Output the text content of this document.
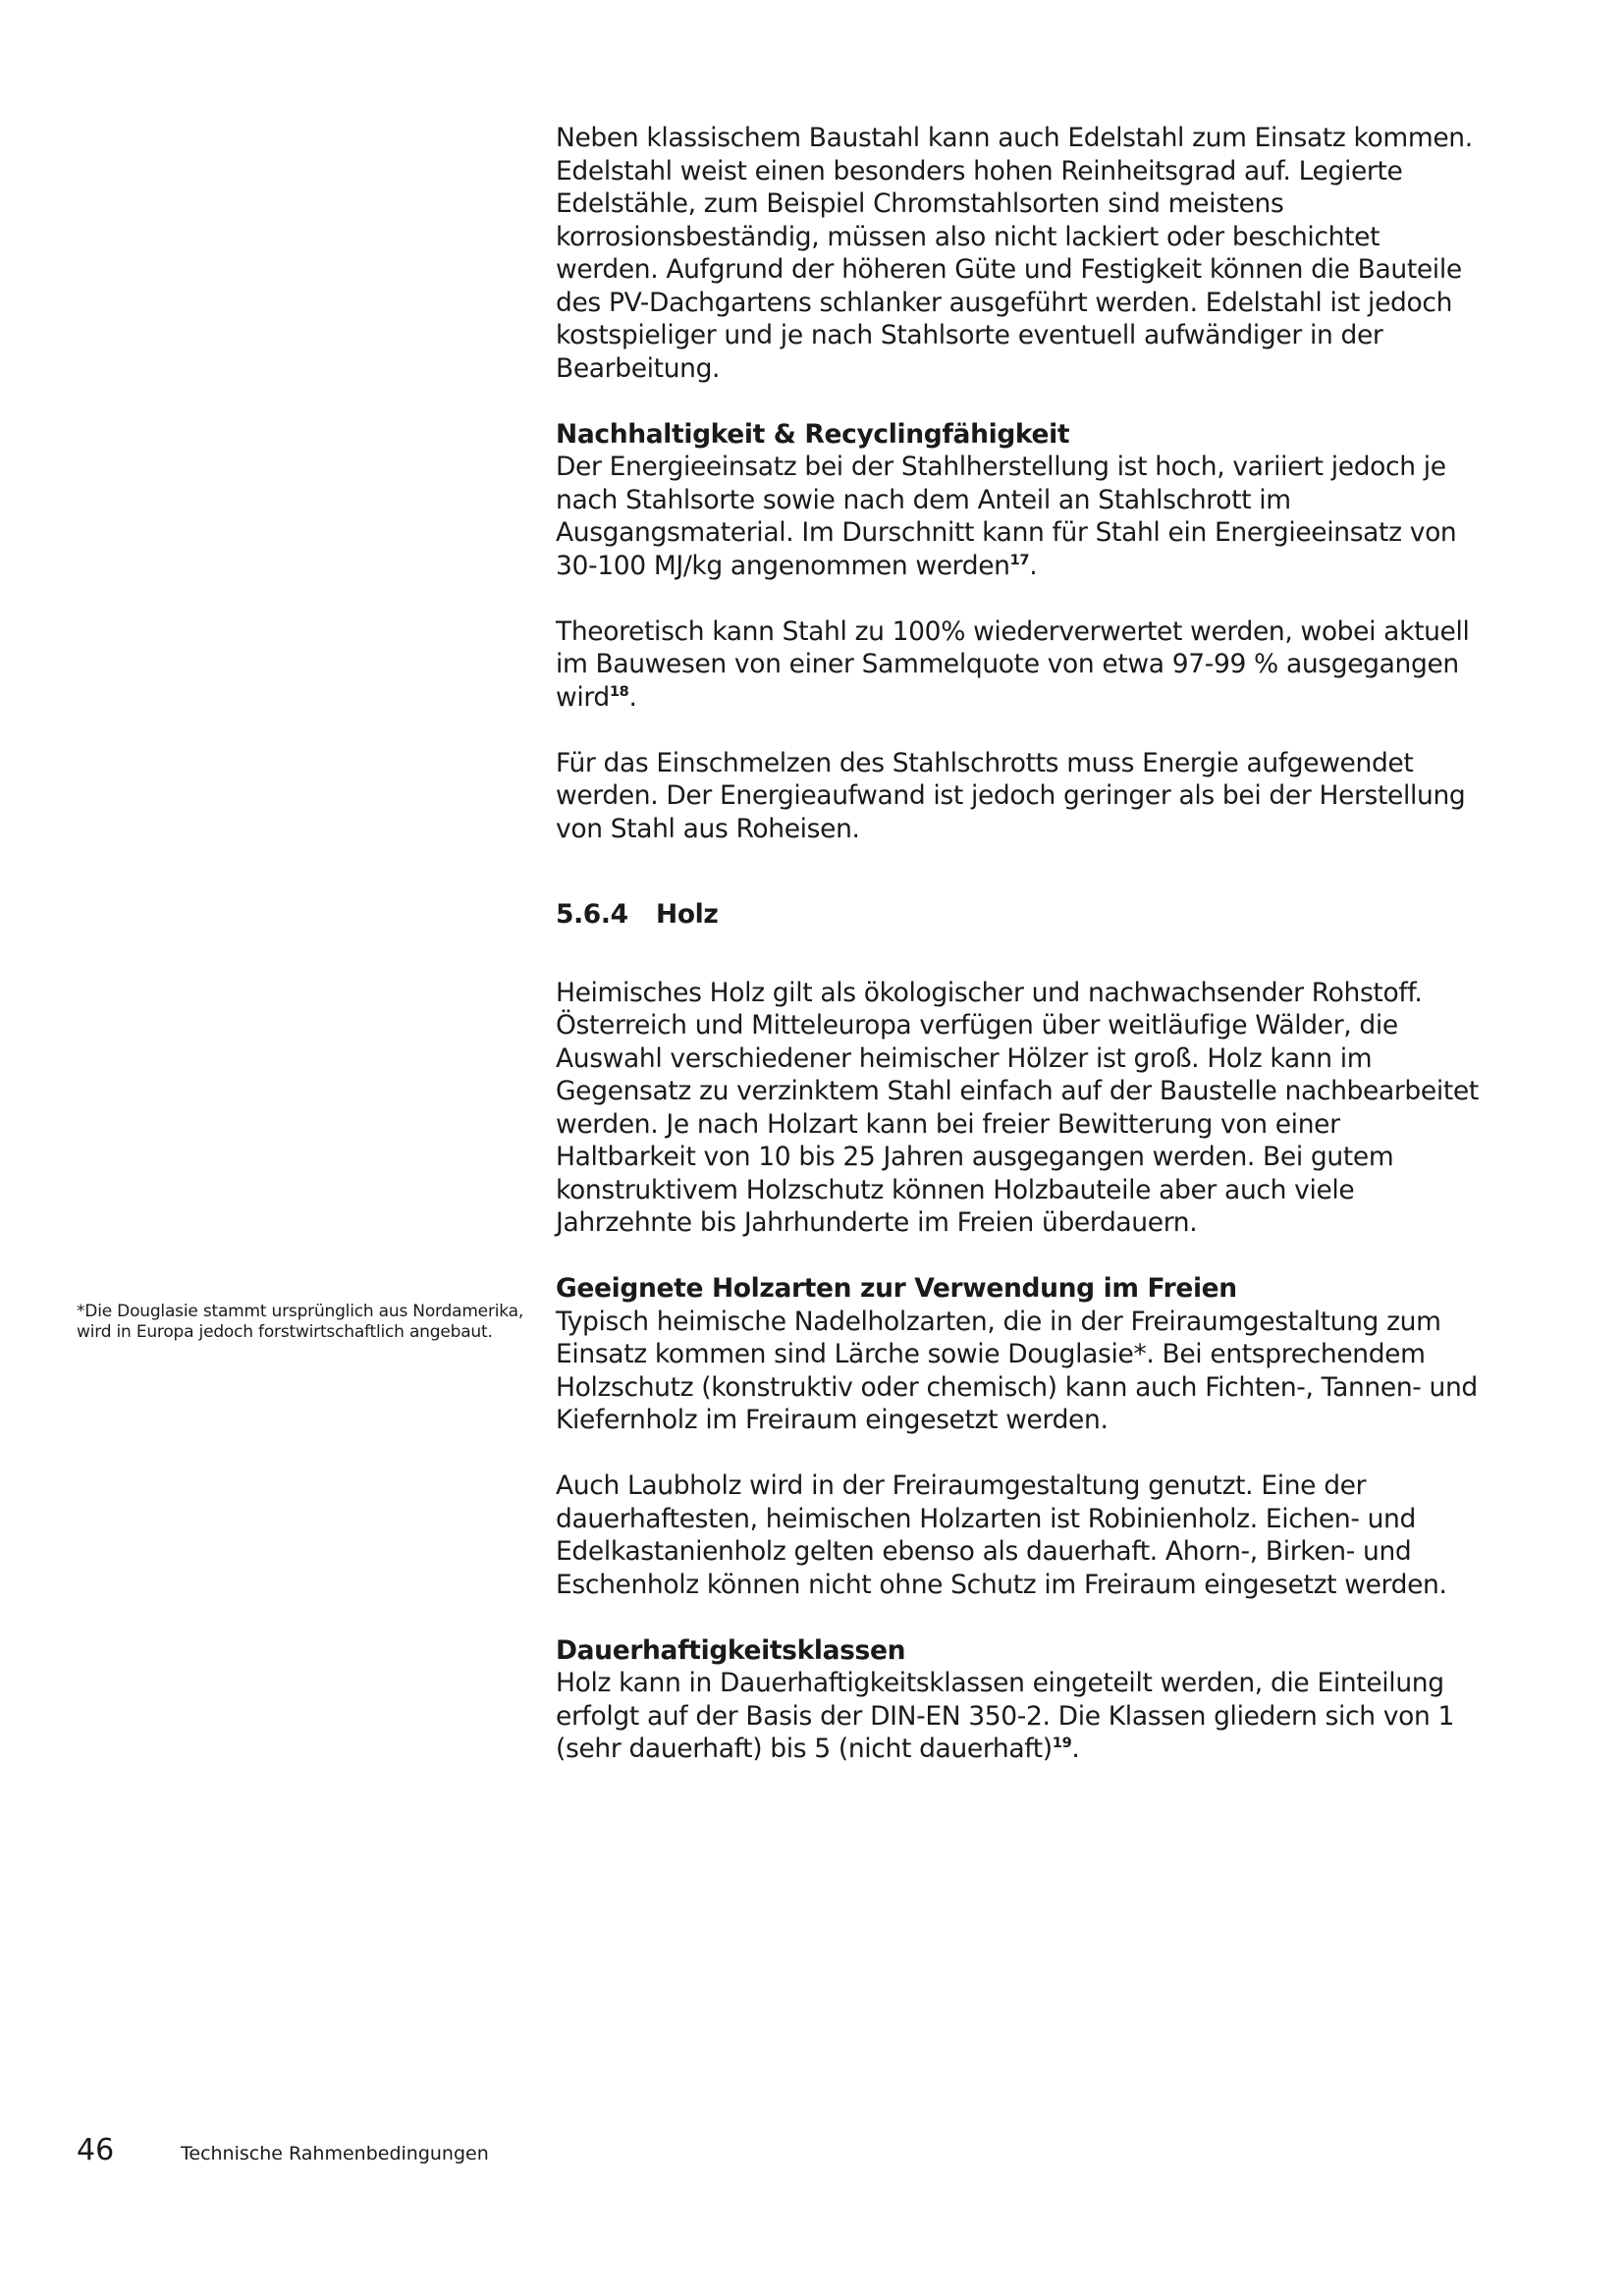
Neben klassischem Baustahl kann auch Edelstahl zum Einsatz kommen. Edelstahl weist einen besonders hohen Reinheitsgrad auf. Legierte Edelstähle, zum Beispiel Chromstahlsorten sind meistens korrosionsbeständig, müssen also nicht lackiert oder beschichtet werden. Aufgrund der höheren Güte und Festigkeit können die Bauteile des PV-Dachgartens schlanker ausgeführt werden. Edelstahl ist jedoch kostspieliger und je nach Stahlsorte eventuell aufwändiger in der Bearbeitung.

Nachhaltigkeit & Recyclingfähigkeit

Der Energieeinsatz bei der Stahlherstellung ist hoch, variiert jedoch je nach Stahlsorte sowie nach dem Anteil an Stahlschrott im Ausgangsmaterial. Im Durschnitt kann für Stahl ein Energieeinsatz von 30-100 MJ/kg angenommen werden$^{17}$.

Theoretisch kann Stahl zu 100% wiederverwertet werden, wobei aktuell im Bauwesen von einer Sammelquote von etwa 97-99 % ausgegangen wird$^{18}$.

Für das Einschmelzen des Stahlschrotts muss Energie aufgewendet werden. Der Energieaufwand ist jedoch geringer als bei der Herstellung von Stahl aus Roheisen.

5.6.4	Holz

Heimisches Holz gilt als ökologischer und nachwachsender Rohstoff. Österreich und Mitteleuropa verfügen über weitläufige Wälder, die Auswahl verschiedener heimischer Hölzer ist groß. Holz kann im Gegensatz zu verzinktem Stahl einfach auf der Baustelle nachbearbeitet werden. Je nach Holzart kann bei freier Bewitterung von einer Haltbarkeit von 10 bis 25 Jahren ausgegangen werden. Bei gutem konstruktivem Holzschutz können Holzbauteile aber auch viele Jahrzehnte bis Jahrhunderte im Freien überdauern.

Geeignete Holzarten zur Verwendung im Freien

Typisch heimische Nadelholzarten, die in der Freiraumgestaltung zum Einsatz kommen sind Lärche sowie Douglasie*. Bei entsprechendem Holzschutz (konstruktiv oder chemisch) kann auch Fichten-, Tannen- und Kiefernholz im Freiraum eingesetzt werden.

Auch Laubholz wird in der Freiraumgestaltung genutzt. Eine der dauerhaftesten, heimischen Holzarten ist Robinienholz. Eichen- und Edelkastanienholz gelten ebenso als dauerhaft. Ahorn-, Birken- und Eschenholz können nicht ohne Schutz im Freiraum eingesetzt werden.

Dauerhaftigkeitsklassen

Holz kann in Dauerhaftigkeitsklassen eingeteilt werden, die Einteilung erfolgt auf der Basis der DIN-EN 350-2. Die Klassen gliedern sich von 1 (sehr dauerhaft) bis 5 (nicht dauerhaft)$^{19}$.

*Die Douglasie stammt ursprünglich aus Nordamerika, wird in Europa jedoch forstwirtschaftlich angebaut.
46	Technische Rahmenbedingungen
